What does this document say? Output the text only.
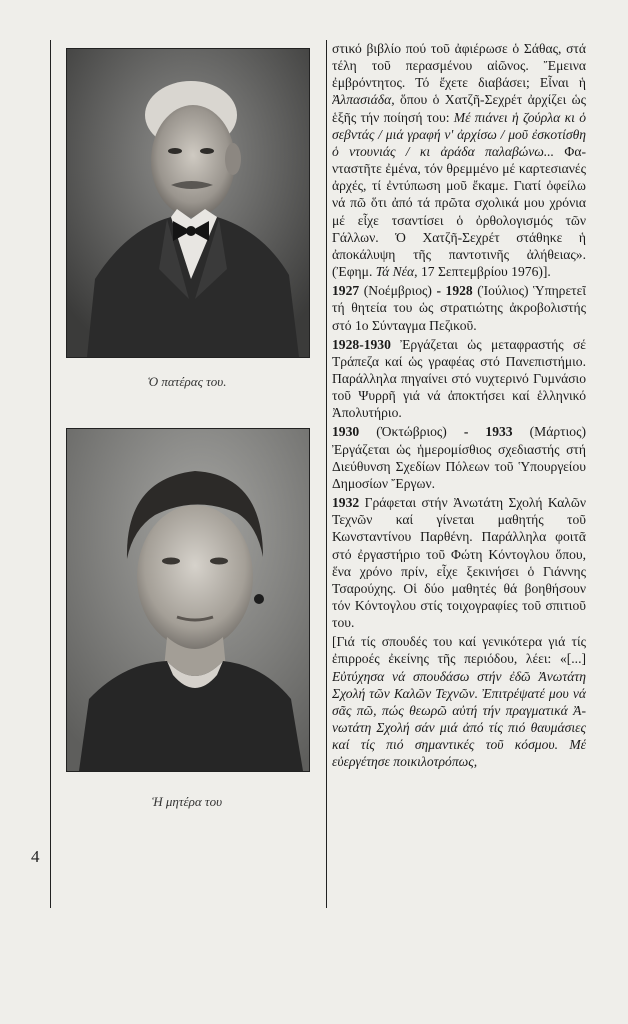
Ὁ πατέρας του.
Ἡ μητέρα του
4

στικό βιβλίο πού τοῦ ἀφιέρωσε ὁ Σάθας, στά τέλη τοῦ περασμένου αἰῶνος. Ἔμεινα ἐμβρόντητος. Τό ἔχετε διαβάσει; Εἶναι ἡ Ἀλπασιάδα, ὅπου ὁ Χατζῆ-Σεχρέτ ἀρχίζει ὡς ἑξῆς τήν ποίησή του: Μέ πιάνει ἡ ζούρλα κι ὁ σεβντάς / μιά γραφή ν' ἀρχίσω / μοῦ ἐσκοτίσθη ὁ ντουνιάς / κι ἀράδα παλαβώνω... Φανταστῆτε ἐμένα, τόν θρεμμένο μέ καρτεσιανές ἀρχές, τί ἐντύπωση μοῦ ἔκαμε. Γιατί ὀφείλω νά πῶ ὅτι ἀπό τά πρῶτα σχολικά μου χρόνια μέ εἶχε τσαντίσει ὁ ὀρθολογισμός τῶν Γάλλων. Ὁ Χατζῆ-Σεχρέτ στάθηκε ἡ ἀποκάλυψη τῆς παντοτινῆς ἀλήθειας». (Ἐφημ. Τά Νέα, 17 Σεπτεμβρίου 1976)].

1927 (Νοέμβριος) - 1928 (Ἰούλιος) Ὑπηρετεῖ τή θητεία του ὡς στρατιώτης ἀκροβολιστής στό 1ο Σύνταγμα Πεζικοῦ.

1928-1930 Ἐργάζεται ὡς μεταφραστής σέ Τράπεζα καί ὡς γραφέας στό Πανεπιστήμιο. Παράλληλα πηγαίνει στό νυχτερινό Γυμνάσιο τοῦ Ψυρρῆ γιά νά ἀποκτήσει καί ἑλληνικό Ἀπολυτήριο.

1930 (Ὀκτώβριος) - 1933 (Μάρτιος) Ἐργάζεται ὡς ἡμερομίσθιος σχεδιαστής στή Διεύθυνση Σχεδίων Πόλεων τοῦ Ὑπουργείου Δημοσίων Ἔργων.

1932 Γράφεται στήν Ἀνωτάτη Σχολή Καλῶν Τεχνῶν καί γίνεται μαθητής τοῦ Κωνσταντίνου Παρθένη. Παράλληλα φοιτᾶ στό ἐργαστήριο τοῦ Φώτη Κόντογλου ὅπου, ἕνα χρόνο πρίν, εἶχε ξεκινήσει ὁ Γιάννης Τσαρούχης. Οἱ δύο μαθητές θά βοηθήσουν τόν Κόντογλου στίς τοιχογραφίες τοῦ σπιτιοῦ του.

[Γιά τίς σπουδές του καί γενικότερα γιά τίς ἐπιρροές ἐκείνης τῆς περιόδου, λέει: «[...] Εὐτύχησα νά σπουδάσω στήν ἐδῶ Ἀνωτάτη Σχολή τῶν Καλῶν Τεχνῶν. Ἐπιτρέψατέ μου νά σᾶς πῶ, πώς θεωρῶ αὐτή τήν πραγματικά Ἀνωτάτη Σχολή σάν μιά ἀπό τίς πιό θαυμάσιες καί τίς πιό σημαντικές τοῦ κόσμου. Μέ εὐεργέτησε ποικιλοτρόπως,
